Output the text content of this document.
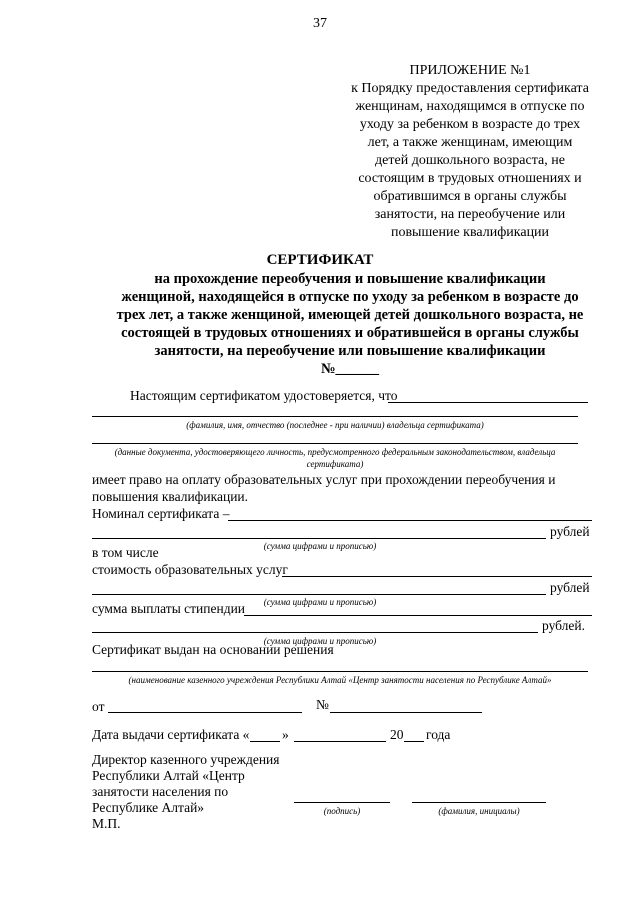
37
ПРИЛОЖЕНИЕ №1
к Порядку предоставления сертификата
женщинам, находящимся в отпуске по
уходу за ребенком в возрасте до трех
лет, а также женщинам, имеющим
детей дошкольного возраста, не
состоящим в трудовых отношениях и
обратившимся в органы службы
занятости, на переобучение или
повышение квалификации
СЕРТИФИКАТ
на прохождение переобучения и повышение квалификации
женщиной, находящейся в отпуске по уходу за ребенком в возрасте до
трех лет, а также женщиной, имеющей детей дошкольного возраста, не
состоящей в трудовых отношениях и обратившейся в органы службы
занятости, на переобучение или повышение квалификации
№______
Настоящим сертификатом удостоверяется, что
(фамилия, имя, отчество (последнее - при наличии) владельца сертификата)
(данные документа, удостоверяющего личность, предусмотренного федеральным законодательством, владельца сертификата)
имеет право на оплату образовательных услуг при прохождении переобучения и
повышения квалификации.
Номинал сертификата –
рублей
(сумма цифрами и прописью)
в том числе
стоимость образовательных услуг
рублей
(сумма цифрами и прописью)
сумма выплаты стипендии
рублей.
(сумма цифрами и прописью)
Сертификат выдан на основании решения
(наименование казенного учреждения Республики Алтай «Центр занятости населения по Республике Алтай»
от	№
Дата выдачи сертификата « »	20 года
Директор казенного учреждения
Республики Алтай «Центр
занятости населения по
Республике Алтай»
М.П.
(подпись)	(фамилия, инициалы)
